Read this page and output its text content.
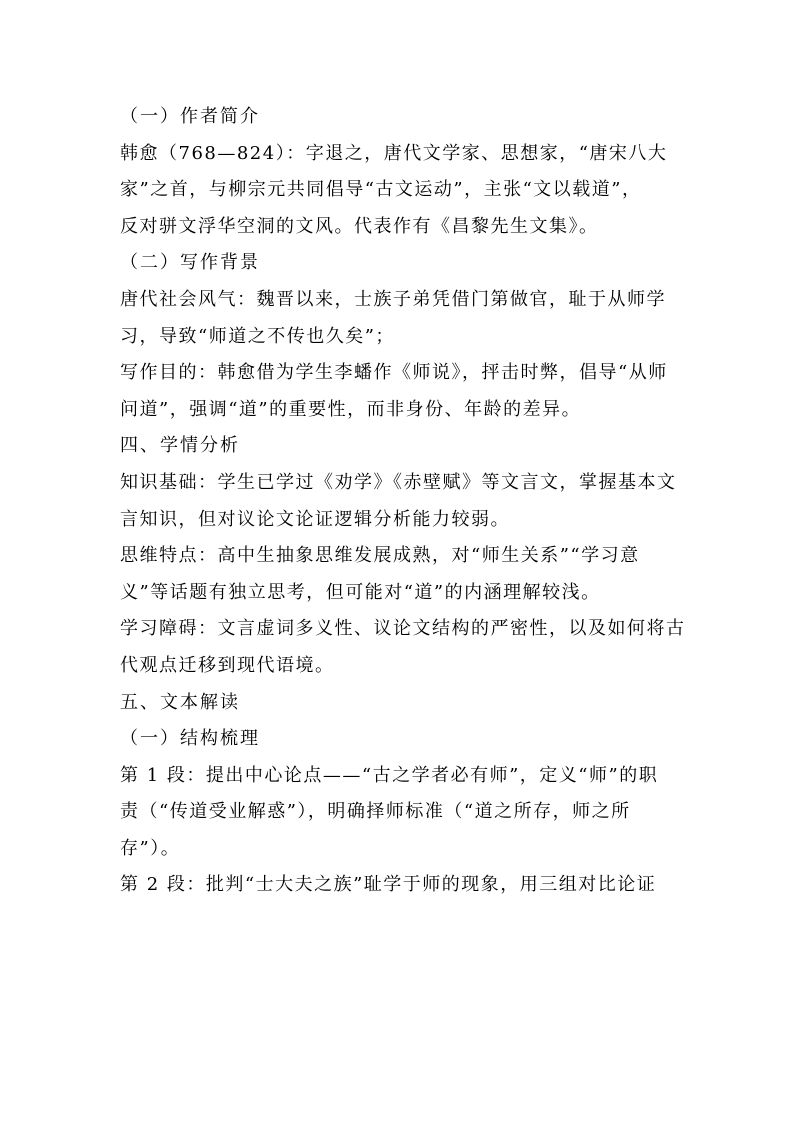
（一）作者简介
韩愈（768—824）：字退之，唐代文学家、思想家，“唐宋八大
家”之首，与柳宗元共同倡导“古文运动”，主张“文以载道”，
反对骈文浮华空洞的文风。代表作有《昌黎先生文集》。
（二）写作背景
唐代社会风气：魏晋以来，士族子弟凭借门第做官，耻于从师学
习，导致“师道之不传也久矣”；
写作目的：韩愈借为学生李蟠作《师说》，抨击时弊，倡导“从师
问道”，强调“道”的重要性，而非身份、年龄的差异。
四、学情分析
知识基础：学生已学过《劝学》《赤壁赋》等文言文，掌握基本文
言知识，但对议论文论证逻辑分析能力较弱。
思维特点：高中生抽象思维发展成熟，对“师生关系”“学习意
义”等话题有独立思考，但可能对“道”的内涵理解较浅。
学习障碍：文言虚词多义性、议论文结构的严密性，以及如何将古
代观点迁移到现代语境。
五、文本解读
（一）结构梳理
第 1 段：提出中心论点——“古之学者必有师”，定义“师”的职
责（“传道受业解惑”），明确择师标准（“道之所存，师之所
存”）。
第 2 段：批判“士大夫之族”耻学于师的现象，用三组对比论证
